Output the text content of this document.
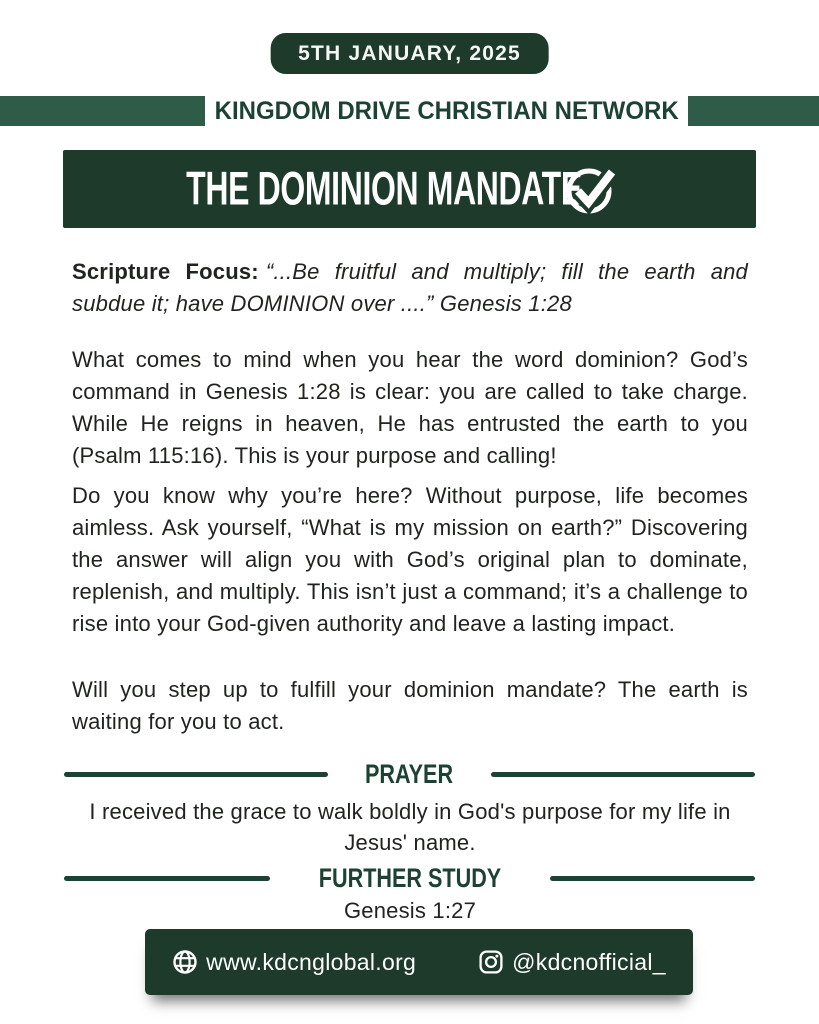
5TH JANUARY, 2025
KINGDOM DRIVE CHRISTIAN NETWORK
THE DOMINION MANDATE

Scripture Focus: “...Be fruitful and multiply; fill the earth and subdue it; have DOMINION over ....” Genesis 1:28

What comes to mind when you hear the word dominion? God’s command in Genesis 1:28 is clear: you are called to take charge. While He reigns in heaven, He has entrusted the earth to you (Psalm 115:16). This is your purpose and calling!

Do you know why you’re here? Without purpose, life becomes aimless. Ask yourself, “What is my mission on earth?” Discovering the answer will align you with God’s original plan to dominate, replenish, and multiply. This isn’t just a command; it’s a challenge to rise into your God-given authority and leave a lasting impact.

Will you step up to fulfill your dominion mandate? The earth is waiting for you to act.

PRAYER

I received the grace to walk boldly in God's purpose for my life in Jesus' name.

FURTHER STUDY

Genesis 1:27

www.kdcnglobal.org	@kdcnofficial_
